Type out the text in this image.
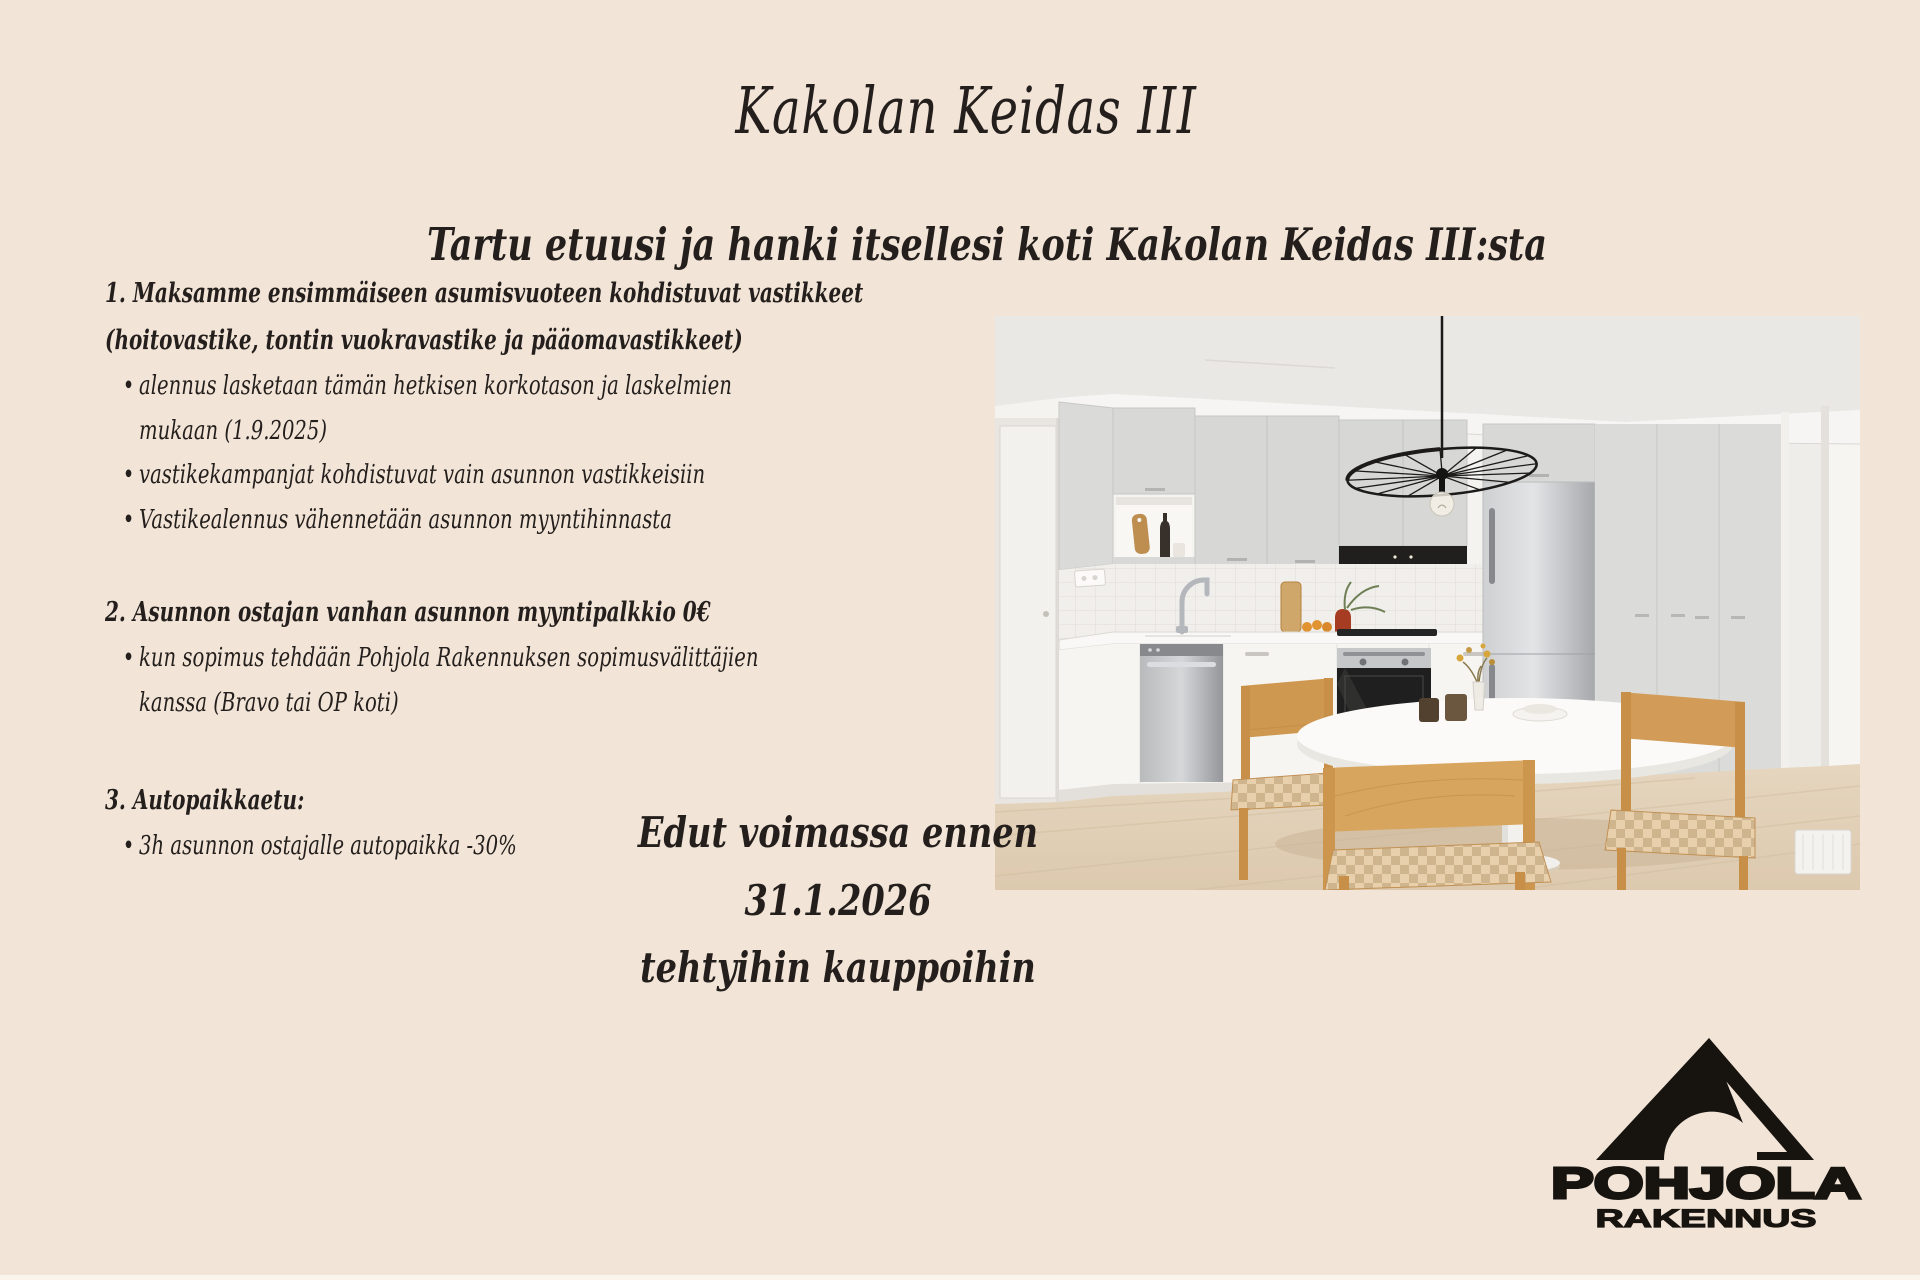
Kakolan Keidas III
Tartu etuusi ja hanki itsellesi koti Kakolan Keidas III:sta
1. Maksamme ensimmäiseen asumisvuoteen kohdistuvat vastikkeet
(hoitovastike, tontin vuokravastike ja pääomavastikkeet)
• alennus lasketaan tämän hetkisen korkotason ja laskelmien
mukaan (1.9.2025)
• vastikekampanjat kohdistuvat vain asunnon vastikkeisiin
• Vastikealennus vähennetään asunnon myyntihinnasta
2. Asunnon ostajan vanhan asunnon myyntipalkkio 0€
• kun sopimus tehdään Pohjola Rakennuksen sopimusvälittäjien
kanssa (Bravo tai OP koti)
3. Autopaikkaetu:
• 3h asunnon ostajalle autopaikka -30%	Edut voimassa ennen
31.1.2026
tehtyihin kauppoihin
POHJOLA
RAKENNUS
